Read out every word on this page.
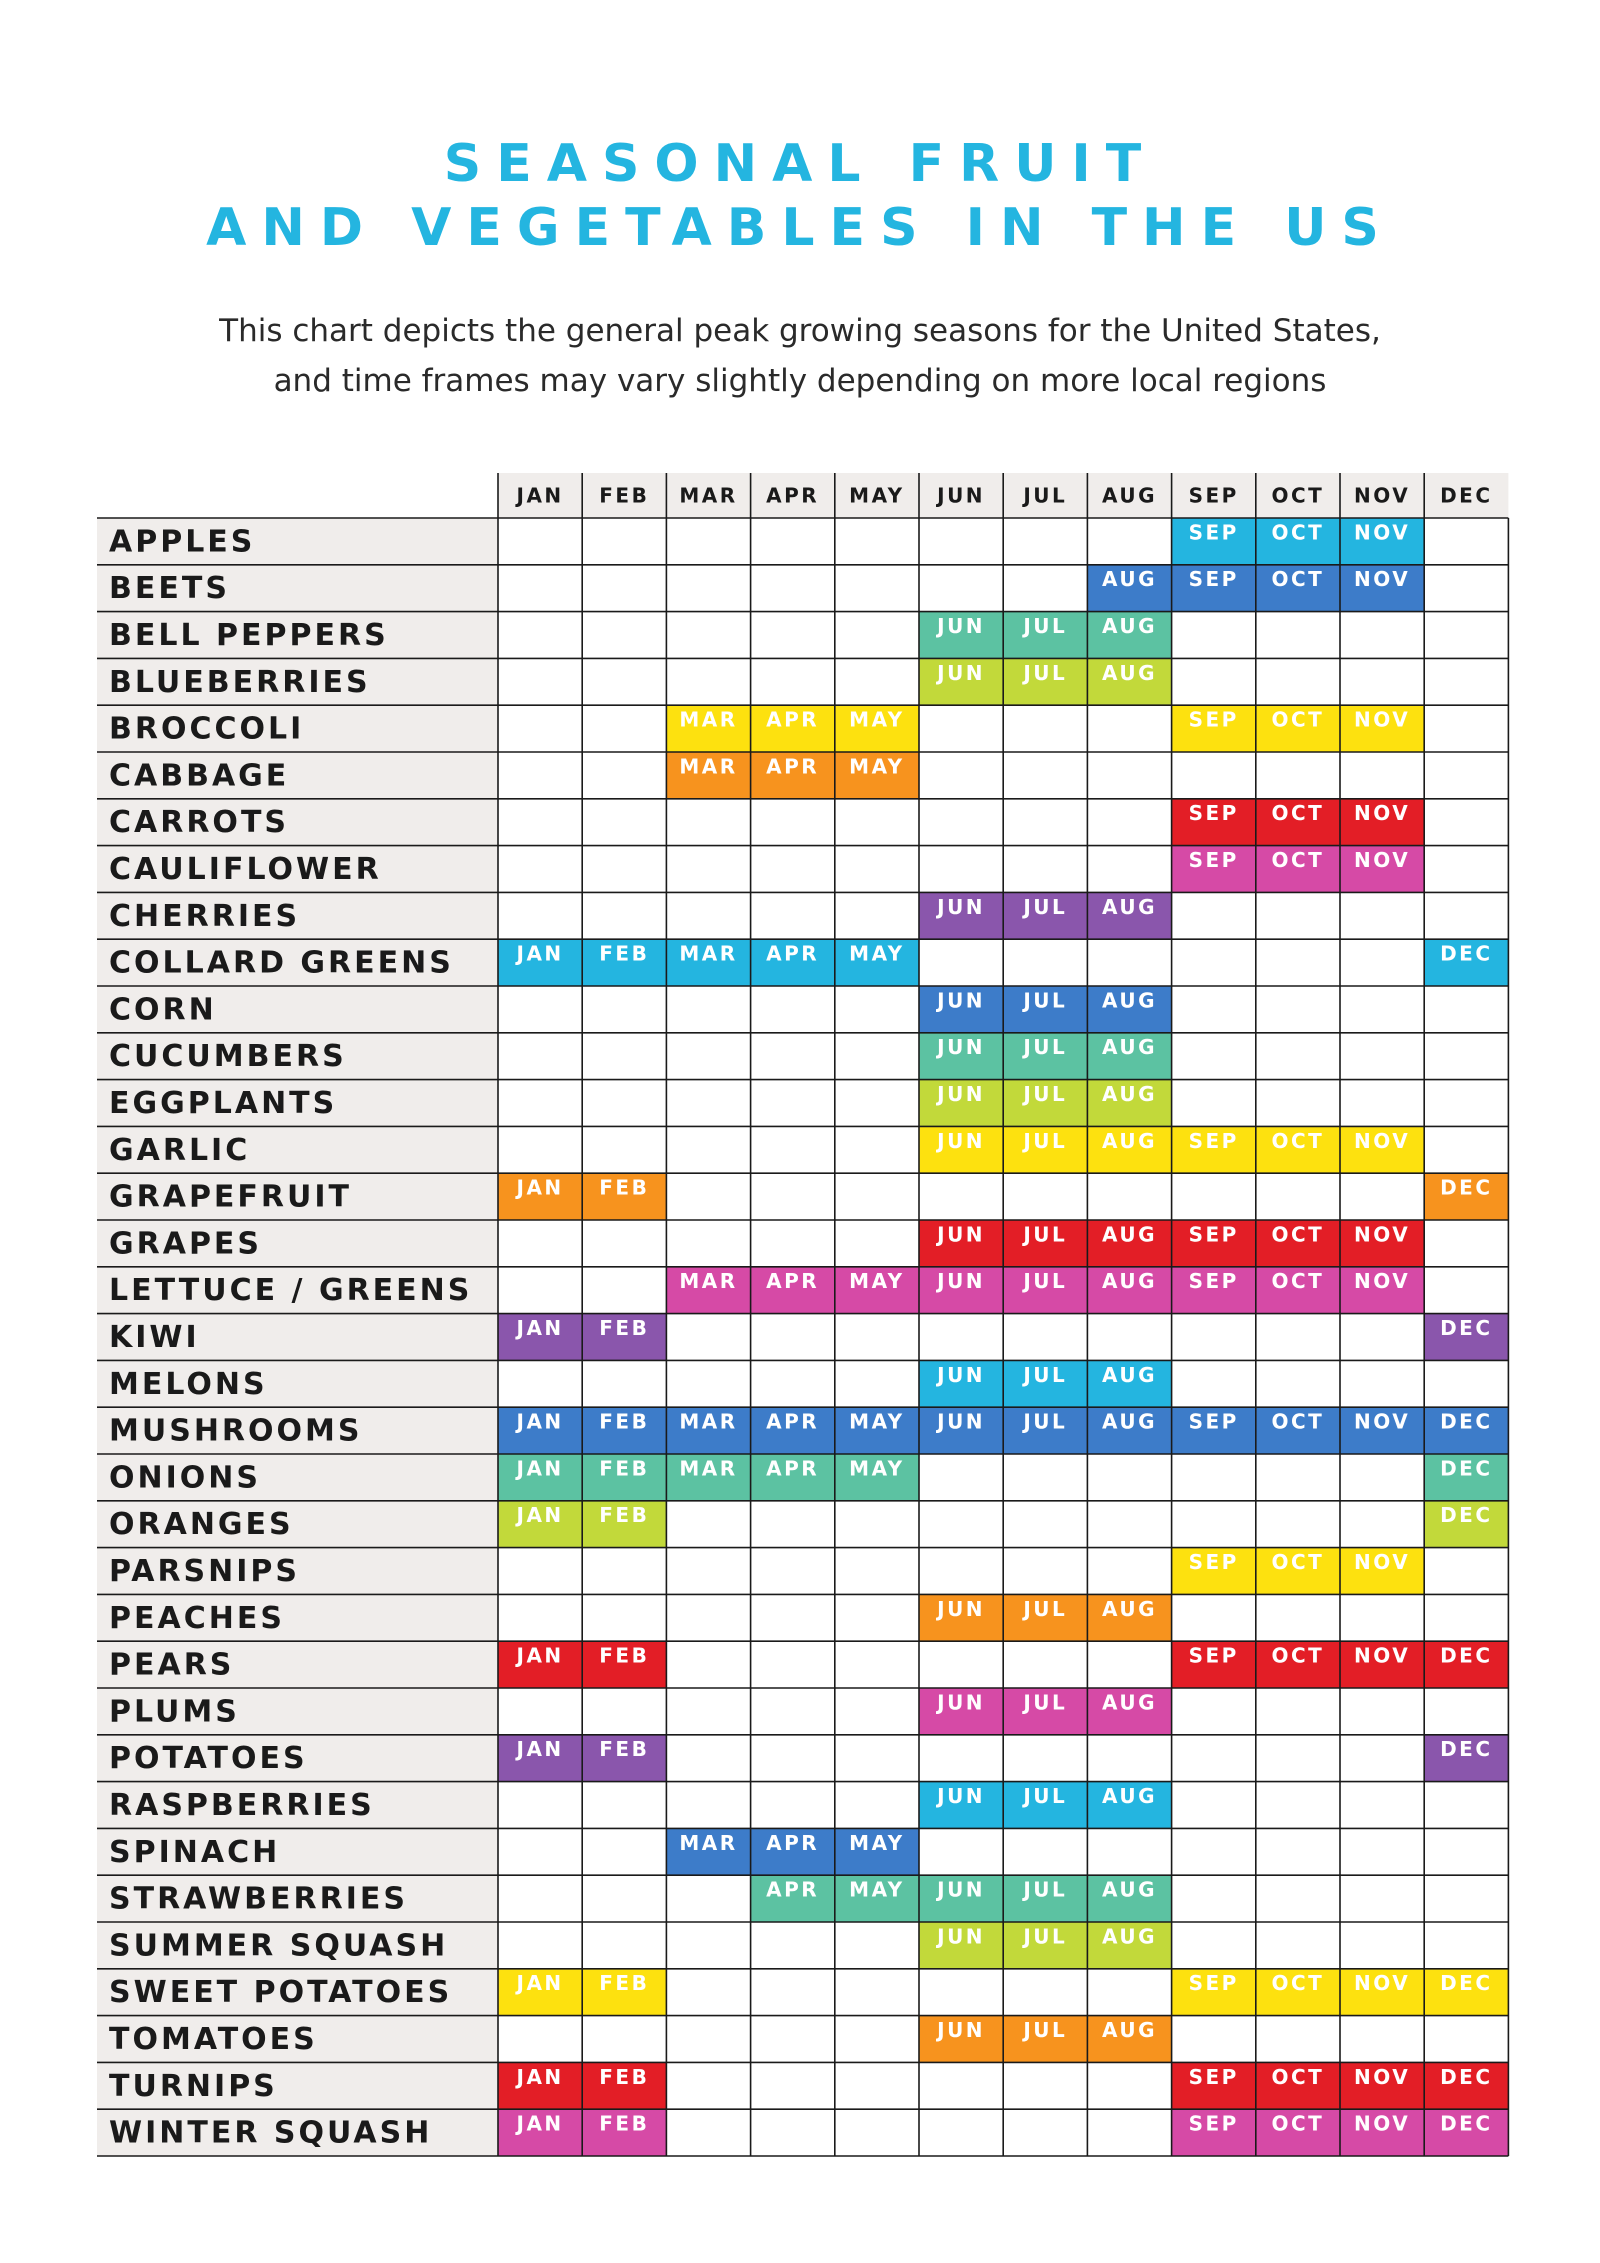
SEASONAL FRUIT
AND VEGETABLES IN THE US
This chart depicts the general peak growing seasons for the United States,
and time frames may vary slightly depending on more local regions
JAN FEB MAR APR MAY JUN JUL AUG SEP OCT NOV DEC
APPLES	SEP OCT NOV
BEETS	AUG SEP OCT NOV
BELL PEPPERS	JUN JUL AUG
BLUEBERRIES	JUN JUL AUG
BROCCOLI	MAR APR MAY	SEP OCT NOV
CABBAGE	MAR APR MAY
CARROTS	SEP OCT NOV
CAULIFLOWER	SEP OCT NOV
CHERRIES	JUN JUL AUG
COLLARD GREENS	JAN FEB MAR APR MAY	DEC
CORN	JUN JUL AUG
CUCUMBERS	JUN JUL AUG
EGGPLANTS	JUN JUL AUG
GARLIC	JUN JUL AUG SEP OCT NOV
GRAPEFRUIT	JAN FEB	DEC
GRAPES	JUN JUL AUG SEP OCT NOV
LETTUCE / GREENS	MAR APR MAY JUN JUL AUG SEP OCT NOV
KIWI	JAN FEB	DEC
MELONS	JUN JUL AUG
MUSHROOMS	JAN FEB MAR APR MAY JUN JUL AUG SEP OCT NOV DEC
ONIONS	JAN FEB MAR APR MAY	DEC
ORANGES	JAN FEB	DEC
PARSNIPS	SEP OCT NOV
PEACHES	JUN JUL AUG
PEARS	JAN FEB	SEP OCT NOV DEC
PLUMS	JUN JUL AUG
POTATOES	JAN FEB	DEC
RASPBERRIES	JUN JUL AUG
SPINACH	MAR APR MAY
STRAWBERRIES	APR MAY JUN JUL AUG
SUMMER SQUASH	JUN JUL AUG
SWEET POTATOES	JAN FEB	SEP OCT NOV DEC
TOMATOES	JUN JUL AUG
TURNIPS	JAN FEB	SEP OCT NOV DEC
WINTER SQUASH	JAN FEB	SEP OCT NOV DEC
